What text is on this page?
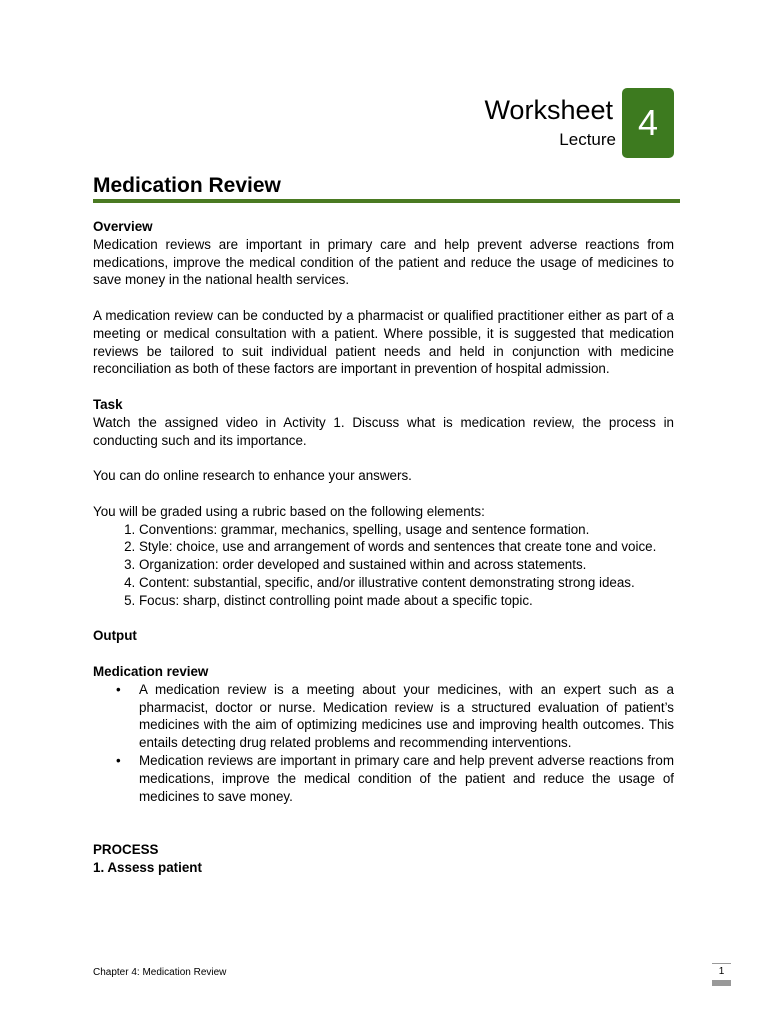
Worksheet
Lecture 4
Medication Review

Overview

Medication reviews are important in primary care and help prevent adverse reactions from medications, improve the medical condition of the patient and reduce the usage of medicines to save money in the national health services.

A medication review can be conducted by a pharmacist or qualified practitioner either as part of a meeting or medical consultation with a patient. Where possible, it is suggested that medication reviews be tailored to suit individual patient needs and held in conjunction with medicine reconciliation as both of these factors are important in prevention of hospital admission.

Task

Watch the assigned video in Activity 1. Discuss what is medication review, the process in conducting such and its importance.

You can do online research to enhance your answers.

You will be graded using a rubric based on the following elements:

1. Conventions: grammar, mechanics, spelling, usage and sentence formation.
2. Style: choice, use and arrangement of words and sentences that create tone and voice.
3. Organization: order developed and sustained within and across statements.
4. Content: substantial, specific, and/or illustrative content demonstrating strong ideas.
5. Focus: sharp, distinct controlling point made about a specific topic.

Output

Medication review

• A medication review is a meeting about your medicines, with an expert such as a pharmacist, doctor or nurse. Medication review is a structured evaluation of patient’s medicines with the aim of optimizing medicines use and improving health outcomes. This entails detecting drug related problems and recommending interventions.
• Medication reviews are important in primary care and help prevent adverse reactions from medications, improve the medical condition of the patient and reduce the usage of medicines to save money.

PROCESS

1. Assess patient

Chapter 4: Medication Review	1
